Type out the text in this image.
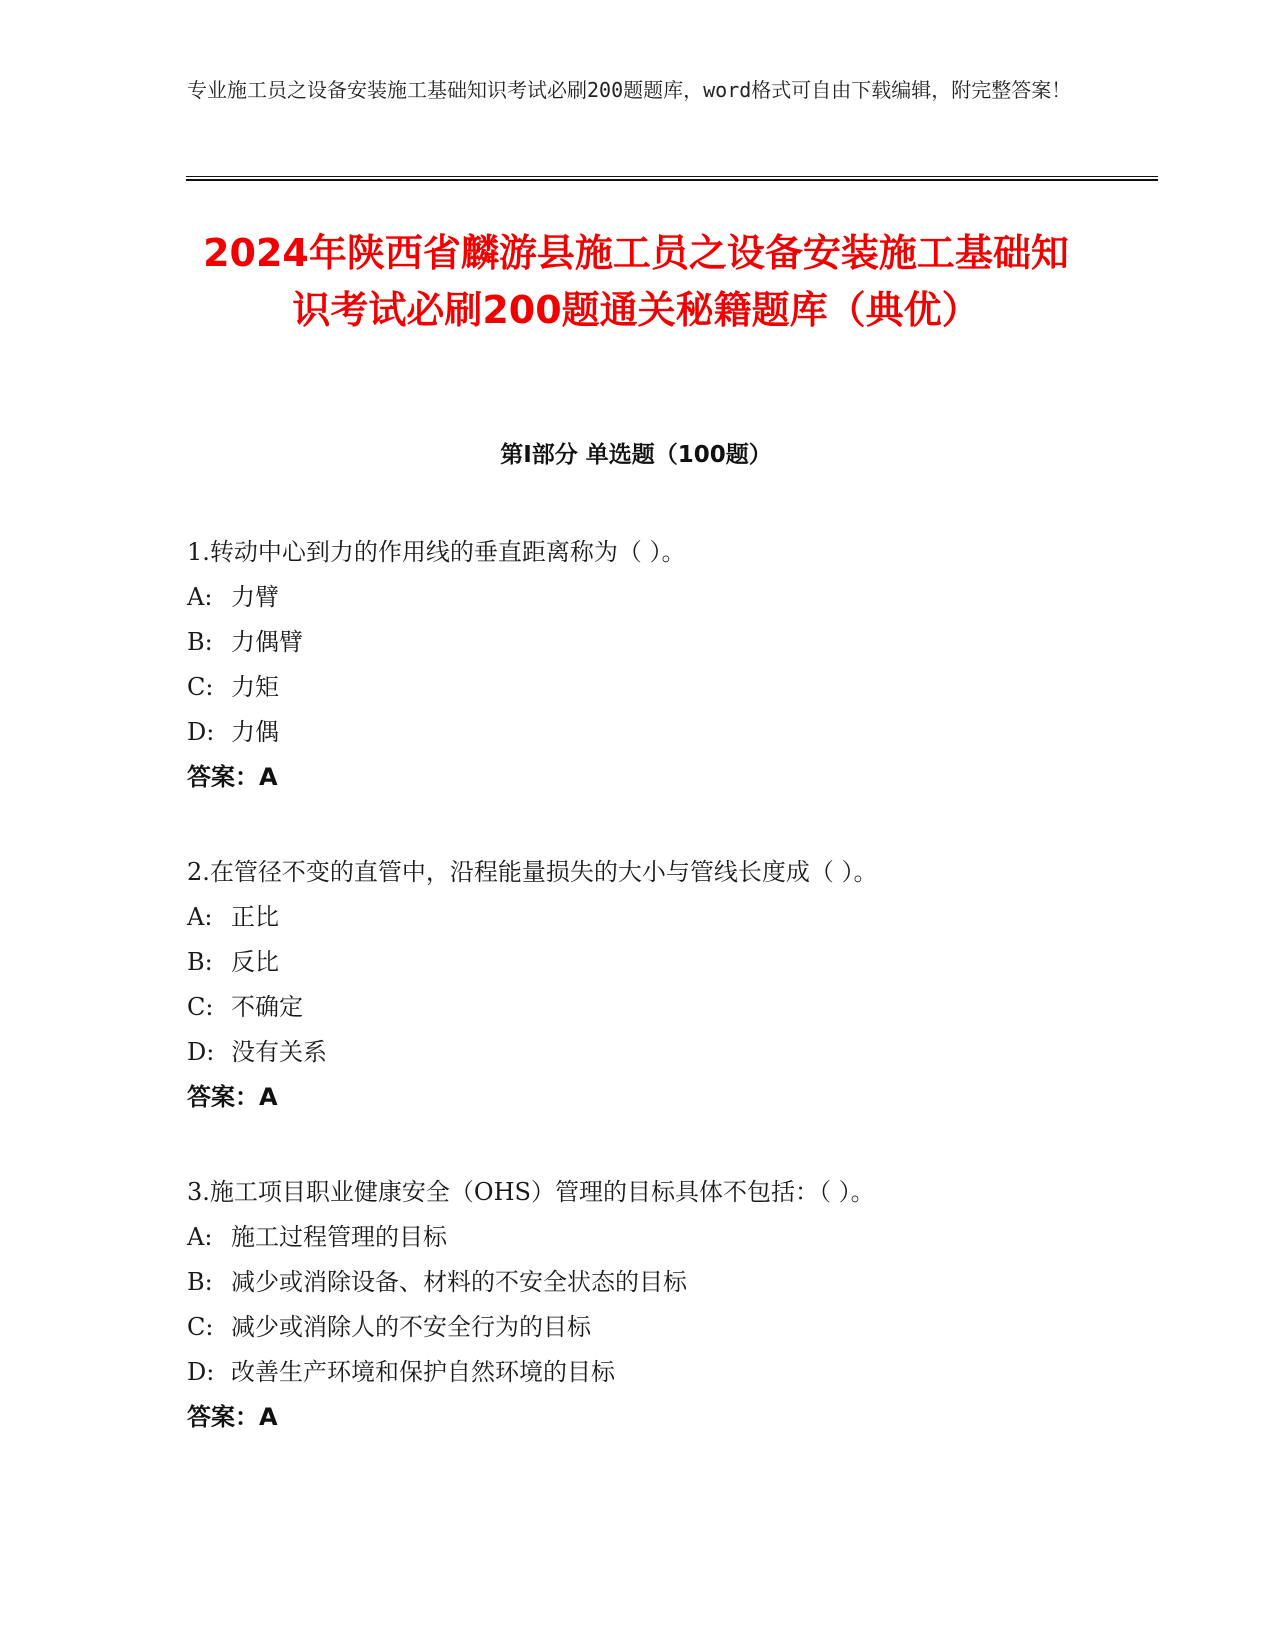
专业施工员之设备安装施工基础知识考试必刷200题题库，word格式可自由下载编辑，附完整答案！
2024年陕西省麟游县施工员之设备安装施工基础知识考试必刷200题通关秘籍题库（典优）
第Ⅰ部分 单选题（100题）
1.转动中心到力的作用线的垂直距离称为（ ）。
A: 力臂
B: 力偶臂
C: 力矩
D: 力偶
答案：A
2.在管径不变的直管中，沿程能量损失的大小与管线长度成（ ）。
A: 正比
B: 反比
C: 不确定
D: 没有关系
答案：A
3.施工项目职业健康安全（OHS）管理的目标具体不包括：（ ）。
A: 施工过程管理的目标
B: 减少或消除设备、材料的不安全状态的目标
C: 减少或消除人的不安全行为的目标
D: 改善生产环境和保护自然环境的目标
答案：A
